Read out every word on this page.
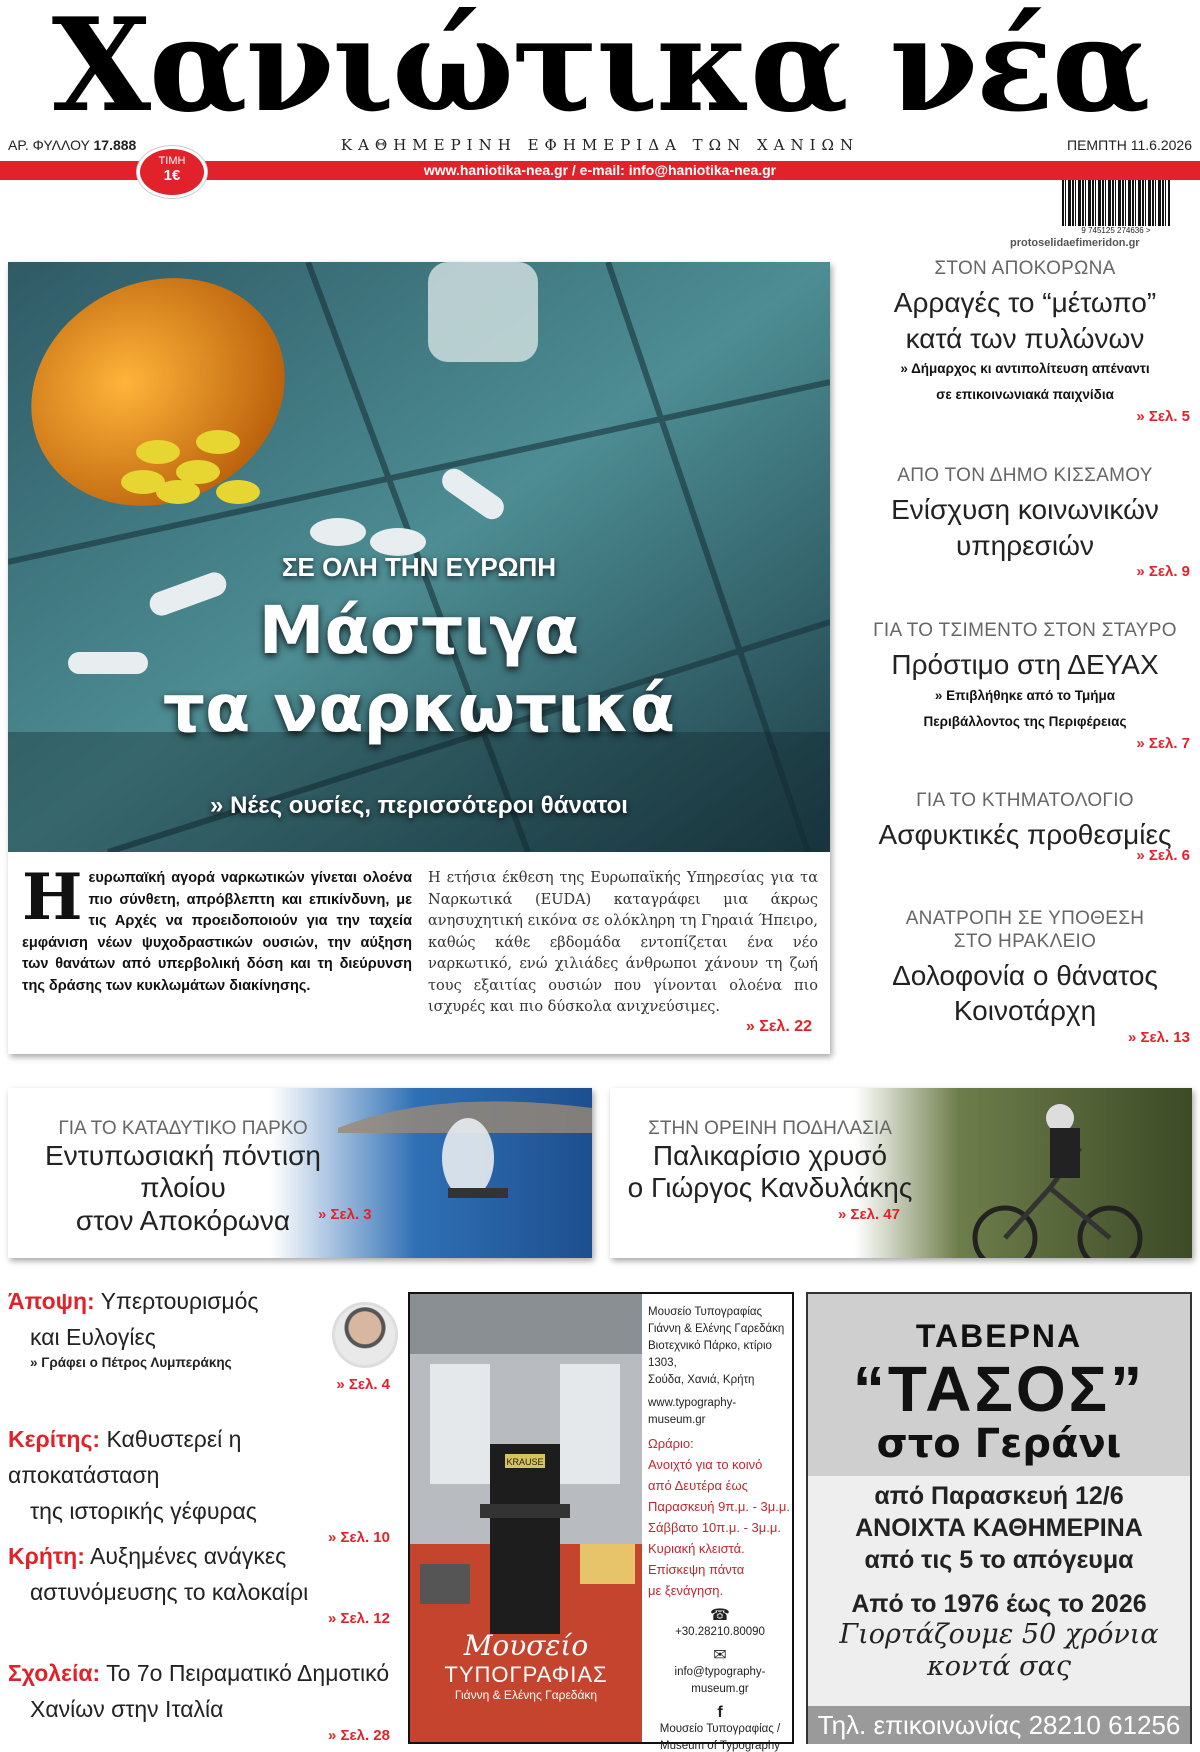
Χανιώτικα νέα
ΑΡ. ΦΥΛΛΟΥ 17.888	ΚΑΘΗΜΕΡΙΝΗ ΕΦΗΜΕΡΙΔΑ ΤΩΝ ΧΑΝΙΩΝ	ΠΕΜΠΤΗ 11.6.2026
www.haniotika-nea.gr / e-mail: info@haniotika-nea.gr
ΤΙΜΗ
1€
9 745125 274636 >
protoselidaefimeridon.gr
ΣΕ ΟΛΗ ΤΗΝ ΕΥΡΩΠΗ
Μάστιγα
τα ναρκωτικά
» Νέες ουσίες, περισσότεροι θάνατοι
Ηευρωπαϊκή αγορά ναρκωτικών γίνεται ολοένα πιο σύνθετη, απρόβλεπτη και επικίνδυνη, με τις Αρχές να προειδοποιούν για την ταχεία εμφάνιση νέων ψυχοδραστικών ουσιών, την αύξηση των θανάτων από υπερβολική δόση και τη διεύρυνση της δράσης των κυκλωμάτων διακίνησης.
Η ετήσια έκθεση της Ευρωπαϊκής Υπηρεσίας για τα Ναρκωτικά (EUDA) καταγράφει μια άκρως ανησυχητική εικόνα σε ολόκληρη τη Γηραιά Ήπειρο, καθώς κάθε εβδομάδα εντοπίζεται ένα νέο ναρκωτικό, ενώ χιλιάδες άνθρωποι χάνουν τη ζωή τους εξαιτίας ουσιών που γίνονται ολοένα πιο ισχυρές και πιο δύσκολα ανιχνεύσιμες.
» Σελ. 22
ΣΤΟΝ ΑΠΟΚΟΡΩΝΑ
Αρραγές το “μέτωπο”
κατά των πυλώνων
» Δήμαρχος κι αντιπολίτευση απέναντι
σε επικοινωνιακά παιχνίδια
» Σελ. 5
ΑΠΟ ΤΟΝ ΔΗΜΟ ΚΙΣΣΑΜΟΥ
Ενίσχυση κοινωνικών
υπηρεσιών
» Σελ. 9
ΓΙΑ ΤΟ ΤΣΙΜΕΝΤΟ ΣΤΟΝ ΣΤΑΥΡΟ
Πρόστιμο στη ΔΕΥΑΧ
» Επιβλήθηκε από το Τμήμα
Περιβάλλοντος της Περιφέρειας
» Σελ. 7
ΓΙΑ ΤΟ ΚΤΗΜΑΤΟΛΟΓΙΟ
Ασφυκτικές προθεσμίες
» Σελ. 6
ΑΝΑΤΡΟΠΗ ΣΕ ΥΠΟΘΕΣΗ
ΣΤΟ ΗΡΑΚΛΕΙΟ
Δολοφονία ο θάνατος
Κοινοτάρχη
» Σελ. 13
ΓΙΑ ΤΟ ΚΑΤΑΔΥΤΙΚΟ ΠΑΡΚΟ
Εντυπωσιακή πόντιση πλοίου
στον Αποκόρωνα	» Σελ. 3
ΣΤΗΝ ΟΡΕΙΝΗ ΠΟΔΗΛΑΣΙΑ
Παλικαρίσιο χρυσό
ο Γιώργος Κανδυλάκης
» Σελ. 47
Άποψη: Υπερτουρισμός
και Ευλογίες
» Γράφει ο Πέτρος Λυμπεράκης
» Σελ. 4
Κερίτης: Καθυστερεί η αποκατάσταση
της ιστορικής γέφυρας
» Σελ. 10
Κρήτη: Αυξημένες ανάγκες
αστυνόμευσης το καλοκαίρι
» Σελ. 12
Σχολεία: Το 7ο Πειραματικό Δημοτικό
Χανίων στην Ιταλία
» Σελ. 28
KRAUSE
Μουσείο
ΤΥΠΟΓΡΑΦΙΑΣ
Γιάννη & Ελένης Γαρεδάκη
Μουσείο Τυπογραφίας
Γιάννη & Ελένης Γαρεδάκη
Βιοτεχνικό Πάρκο, κτίριο 1303,
Σούδα, Χανιά, Κρήτη
www.typography-museum.gr
Ωράριο:
Ανοιχτό για το κοινό
από Δευτέρα έως
Παρασκευή 9π.μ. - 3μ.μ.
Σάββατο 10π.μ. - 3μ.μ.
Κυριακή κλειστά.
Επίσκεψη πάντα
με ξενάγηση.
☎
+30.28210.80090
✉
info@typography-museum.gr
f
Μουσείο Τυπογραφίας /
Museum of Typography
ΤΑΒΕΡΝΑ
“ΤΑΣΟΣ”
στο Γεράνι
από Παρασκευή 12/6
ΑΝΟΙΧΤΑ ΚΑΘΗΜΕΡΙΝΑ
από τις 5 το απόγευμα
Από το 1976 έως το 2026
Γιορτάζουμε 50 χρόνια
κοντά σας
Τηλ. επικοινωνίας 28210 61256
